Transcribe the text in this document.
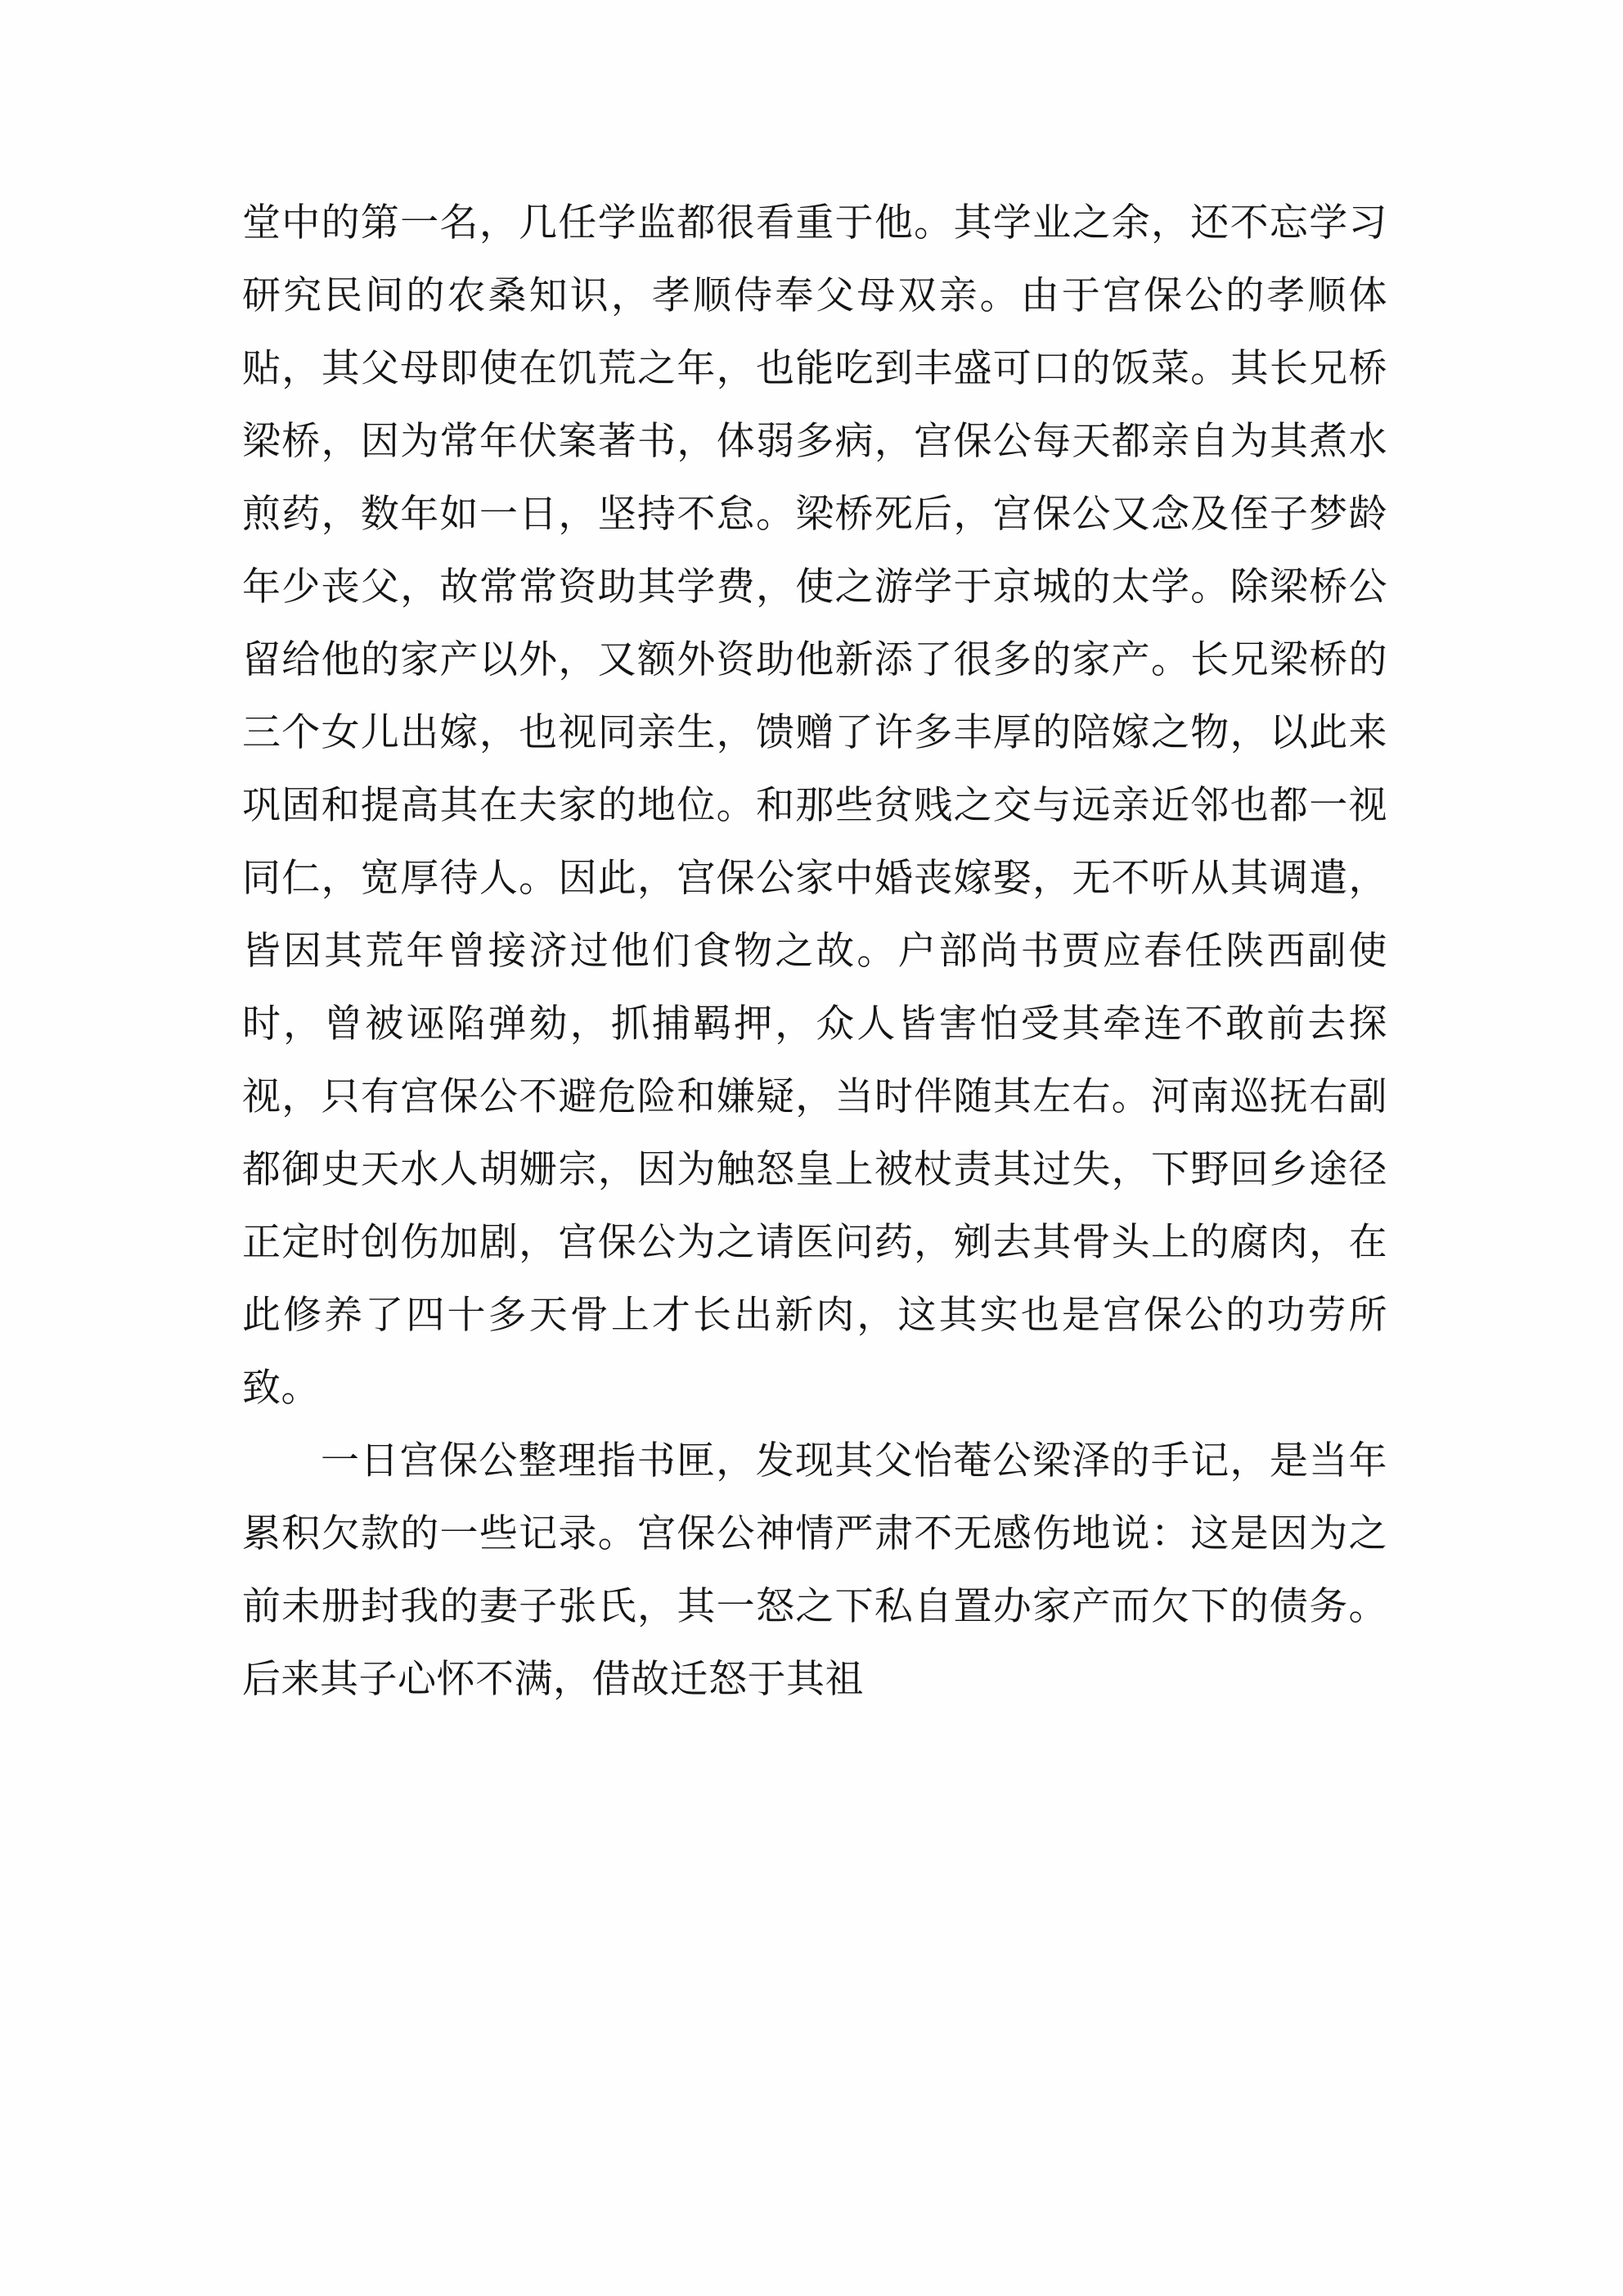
堂中的第一名，几任学监都很看重于他。其学业之余，还不忘学习研究民间的农桑知识，孝顺侍奉父母双亲。由于宫保公的孝顺体贴，其父母即使在饥荒之年，也能吃到丰盛可口的饭菜。其长兄桥梁桥，因为常年伏案著书，体弱多病，宫保公每天都亲自为其煮水煎药，数年如一日，坚持不怠。梁桥死后，宫保公又念及侄子梦龄年少丧父，故常常资助其学费，使之游学于京城的太学。除梁桥公留给他的家产以外，又额外资助他新添了很多的家产。长兄梁桥的三个女儿出嫁，也视同亲生，馈赠了许多丰厚的陪嫁之物，以此来巩固和提高其在夫家的地位。和那些贫贱之交与远亲近邻也都一视同仁，宽厚待人。因此，宫保公家中婚丧嫁娶，无不听从其调遣，皆因其荒年曾接济过他们食物之故。户部尚书贾应春任陕西副使时，曾被诬陷弹劾，抓捕羁押，众人皆害怕受其牵连不敢前去探视，只有宫保公不避危险和嫌疑，当时伴随其左右。河南巡抚右副都御史天水人胡姗宗，因为触怒皇上被杖责其过失，下野回乡途径正定时创伤加剧，宫保公为之请医问药，剜去其骨头上的腐肉，在此修养了四十多天骨上才长出新肉，这其实也是宫保公的功劳所致。

一日宫保公整理指书匣，发现其父怡菴公梁泽的手记，是当年累积欠款的一些记录。宫保公神情严肃不无感伤地说：这是因为之前未册封我的妻子张氏，其一怒之下私自置办家产而欠下的债务。后来其子心怀不满，借故迁怒于其祖
